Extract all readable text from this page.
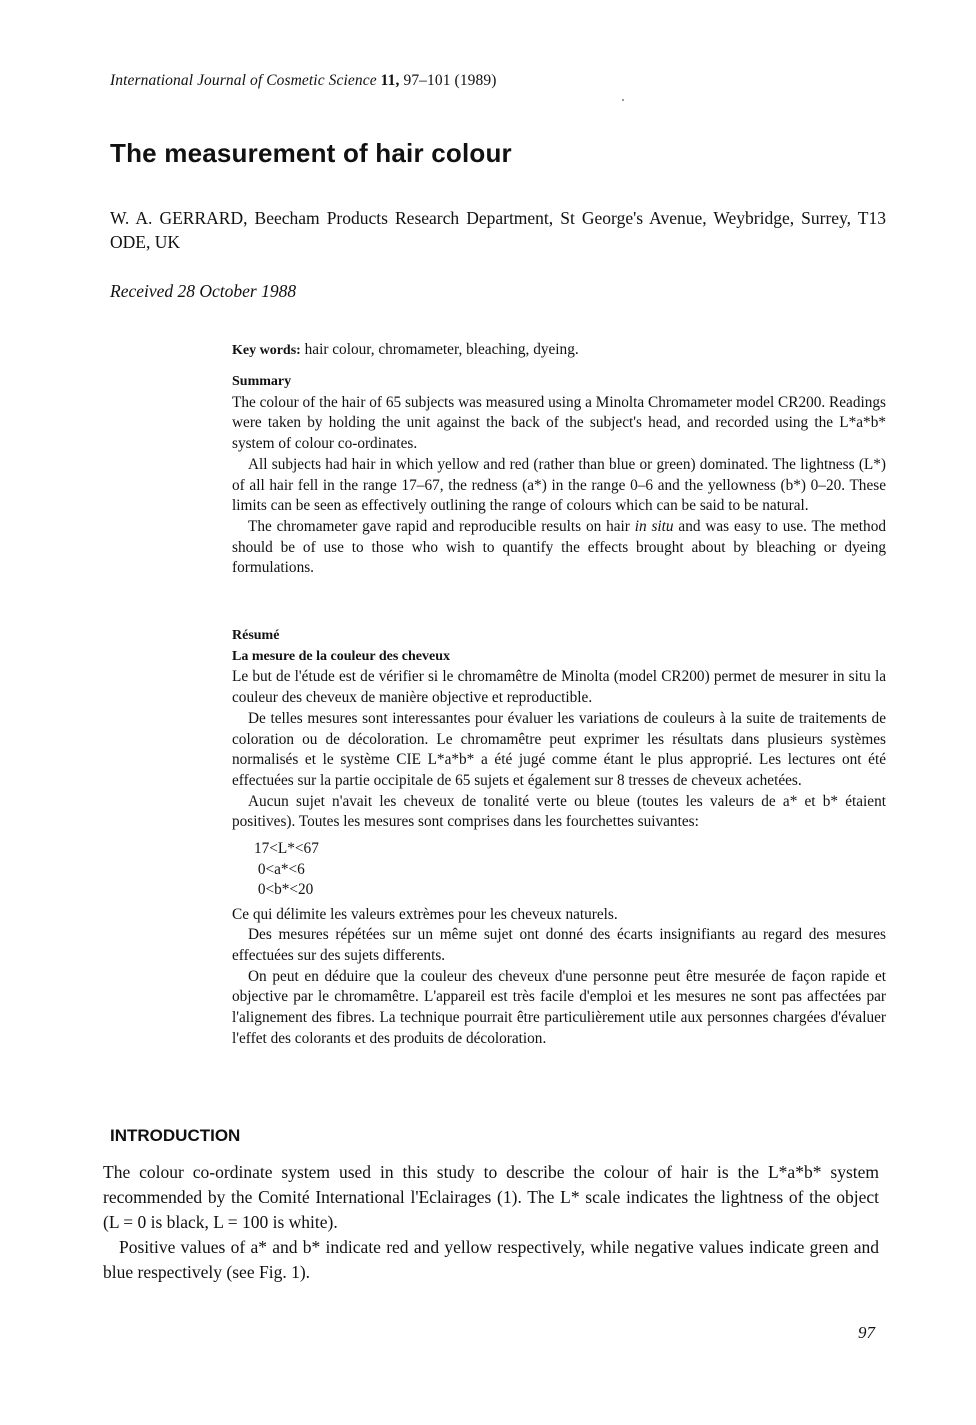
International Journal of Cosmetic Science 11, 97–101 (1989)
The measurement of hair colour
W. A. GERRARD, Beecham Products Research Department, St George's Avenue, Weybridge, Surrey, T13 ODE, UK
Received 28 October 1988

Key words: hair colour, chromameter, bleaching, dyeing.

Summary

The colour of the hair of 65 subjects was measured using a Minolta Chromameter model CR200. Readings were taken by holding the unit against the back of the subject's head, and recorded using the L*a*b* system of colour co-ordinates.

All subjects had hair in which yellow and red (rather than blue or green) dominated. The lightness (L*) of all hair fell in the range 17–67, the redness (a*) in the range 0–6 and the yellowness (b*) 0–20. These limits can be seen as effectively outlining the range of colours which can be said to be natural.

The chromameter gave rapid and reproducible results on hair in situ and was easy to use. The method should be of use to those who wish to quantify the effects brought about by bleaching or dyeing formulations.

Résumé

La mesure de la couleur des cheveux

Le but de l'étude est de vérifier si le chromamêtre de Minolta (model CR200) permet de mesurer in situ la couleur des cheveux de manière objective et reproductible.

De telles mesures sont interessantes pour évaluer les variations de couleurs à la suite de traitements de coloration ou de décoloration. Le chromamêtre peut exprimer les résultats dans plusieurs systèmes normalisés et le système CIE L*a*b* a été jugé comme étant le plus approprié. Les lectures ont été effectuées sur la partie occipitale de 65 sujets et également sur 8 tresses de cheveux achetées.

Aucun sujet n'avait les cheveux de tonalité verte ou bleue (toutes les valeurs de a* et b* étaient positives). Toutes les mesures sont comprises dans les fourchettes suivantes:

17<L*<67
0<a*<6
0<b*<20

Ce qui délimite les valeurs extrèmes pour les cheveux naturels.

Des mesures répétées sur un même sujet ont donné des écarts insignifiants au regard des mesures effectuées sur des sujets differents.

On peut en déduire que la couleur des cheveux d'une personne peut être mesurée de façon rapide et objective par le chromamêtre. L'appareil est très facile d'emploi et les mesures ne sont pas affectées par l'alignement des fibres. La technique pourrait être particulièrement utile aux personnes chargées d'évaluer l'effet des colorants et des produits de décoloration.

INTRODUCTION

The colour co-ordinate system used in this study to describe the colour of hair is the L*a*b* system recommended by the Comité International l'Eclairages (1). The L* scale indicates the lightness of the object (L = 0 is black, L = 100 is white).

Positive values of a* and b* indicate red and yellow respectively, while negative values indicate green and blue respectively (see Fig. 1).

97
